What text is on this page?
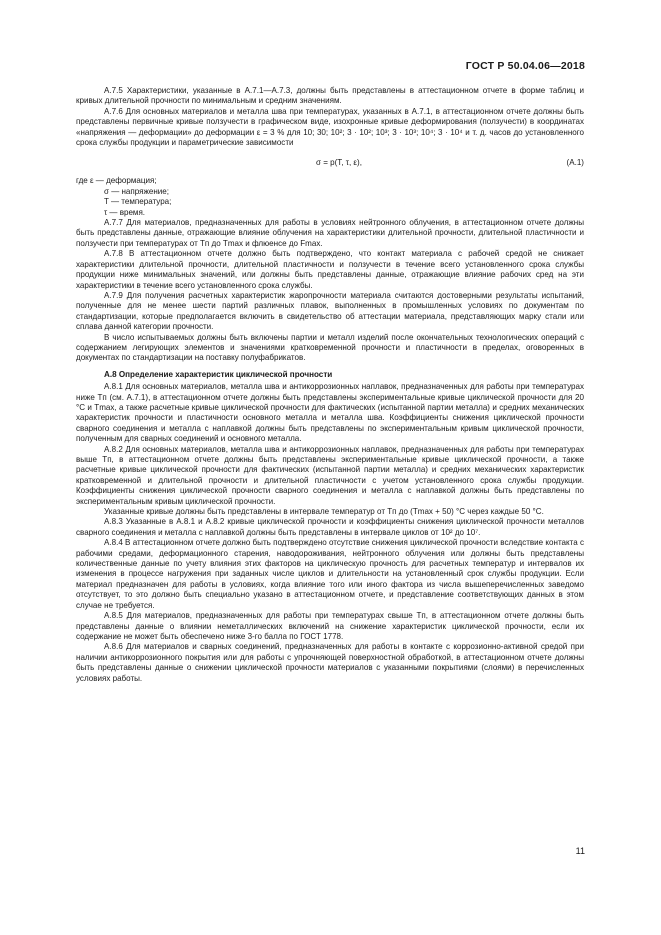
ГОСТ Р 50.04.06—2018

А.7.5 Характеристики, указанные в А.7.1—А.7.3, должны быть представлены в аттестационном отчете в форме таблиц и кривых длительной прочности по минимальным и средним значениям.

А.7.6 Для основных материалов и металла шва при температурах, указанных в А.7.1, в аттестационном отчете должны быть представлены первичные кривые ползучести в графическом виде, изохронные кривые деформирования (ползучести) в координатах «напряжения — деформации» до деформации ε = 3 % для 10; 30; 10²; 3 · 10²; 10³; 3 · 10³; 10⁴; 3 · 10⁴ и т. д. часов до установленного срока службы продукции и параметрические зависимости

σ = p(T, τ, ε),	(А.1)

где ε — деформация;

σ — напряжение;

T — температура;

τ — время.

А.7.7 Для материалов, предназначенных для работы в условиях нейтронного облучения, в аттестационном отчете должны быть представлены данные, отражающие влияние облучения на характеристики длительной прочности, длительной пластичности и ползучести при температурах от Tп до Tmax и флюенсе до Fmax.

А.7.8 В аттестационном отчете должно быть подтверждено, что контакт материала с рабочей средой не снижает характеристики длительной прочности, длительной пластичности и ползучести в течение всего установленного срока службы продукции ниже минимальных значений, или должны быть представлены данные, отражающие влияние рабочих сред на эти характеристики в течение всего установленного срока службы.

А.7.9 Для получения расчетных характеристик жаропрочности материала считаются достоверными результаты испытаний, полученные для не менее шести партий различных плавок, выполненных в промышленных условиях по документам по стандартизации, которые предполагается включить в свидетельство об аттестации материала, представляющих марку стали или сплава данной категории прочности.

В число испытываемых должны быть включены партии и металл изделий после окончательных технологических операций с содержанием легирующих элементов и значениями кратковременной прочности и пластичности в пределах, оговоренных в документах по стандартизации на поставку полуфабрикатов.

А.8 Определение характеристик циклической прочности

А.8.1 Для основных материалов, металла шва и антикоррозионных наплавок, предназначенных для работы при температурах ниже Tп (см. А.7.1), в аттестационном отчете должны быть представлены экспериментальные кривые циклической прочности для 20 °С и Tmax, а также расчетные кривые циклической прочности для фактических (испытанной партии металла) и средних механических характеристик прочности и пластичности основного металла и металла шва. Коэффициенты снижения циклической прочности сварного соединения и металла с наплавкой должны быть представлены по экспериментальным кривым циклической прочности, полученным для сварных соединений и основного металла.

А.8.2 Для основных материалов, металла шва и антикоррозионных наплавок, предназначенных для работы при температурах выше Tп, в аттестационном отчете должны быть представлены экспериментальные кривые циклической прочности, а также расчетные кривые циклической прочности для фактических (испытанной партии металла) и средних механических характеристик кратковременной и длительной прочности и длительной пластичности с учетом установленного срока службы продукции. Коэффициенты снижения циклической прочности сварного соединения и металла с наплавкой должны быть представлены по экспериментальным кривым циклической прочности.

Указанные кривые должны быть представлены в интервале температур от Tп до (Tmax + 50) °С через каждые 50 °С.

А.8.3 Указанные в А.8.1 и А.8.2 кривые циклической прочности и коэффициенты снижения циклической прочности металлов сварного соединения и металла с наплавкой должны быть представлены в интервале циклов от 10² до 10⁷.

А.8.4 В аттестационном отчете должно быть подтверждено отсутствие снижения циклической прочности вследствие контакта с рабочими средами, деформационного старения, наводороживания, нейтронного облучения или должны быть представлены количественные данные по учету влияния этих факторов на циклическую прочность для расчетных температур и интервалов их изменения в процессе нагружения при заданных числе циклов и длительности на установленный срок службы продукции. Если материал предназначен для работы в условиях, когда влияние того или иного фактора из числа вышеперечисленных заведомо отсутствует, то это должно быть специально указано в аттестационном отчете, и представление соответствующих данных в этом случае не требуется.

А.8.5 Для материалов, предназначенных для работы при температурах свыше Tп, в аттестационном отчете должны быть представлены данные о влиянии неметаллических включений на снижение характеристик циклической прочности, если их содержание не может быть обеспечено ниже 3-го балла по ГОСТ 1778.

А.8.6 Для материалов и сварных соединений, предназначенных для работы в контакте с коррозионно-активной средой при наличии антикоррозионного покрытия или для работы с упрочняющей поверхностной обработкой, в аттестационном отчете должны быть представлены данные о снижении циклической прочности материалов с указанными покрытиями (слоями) в перечисленных условиях работы.

11
